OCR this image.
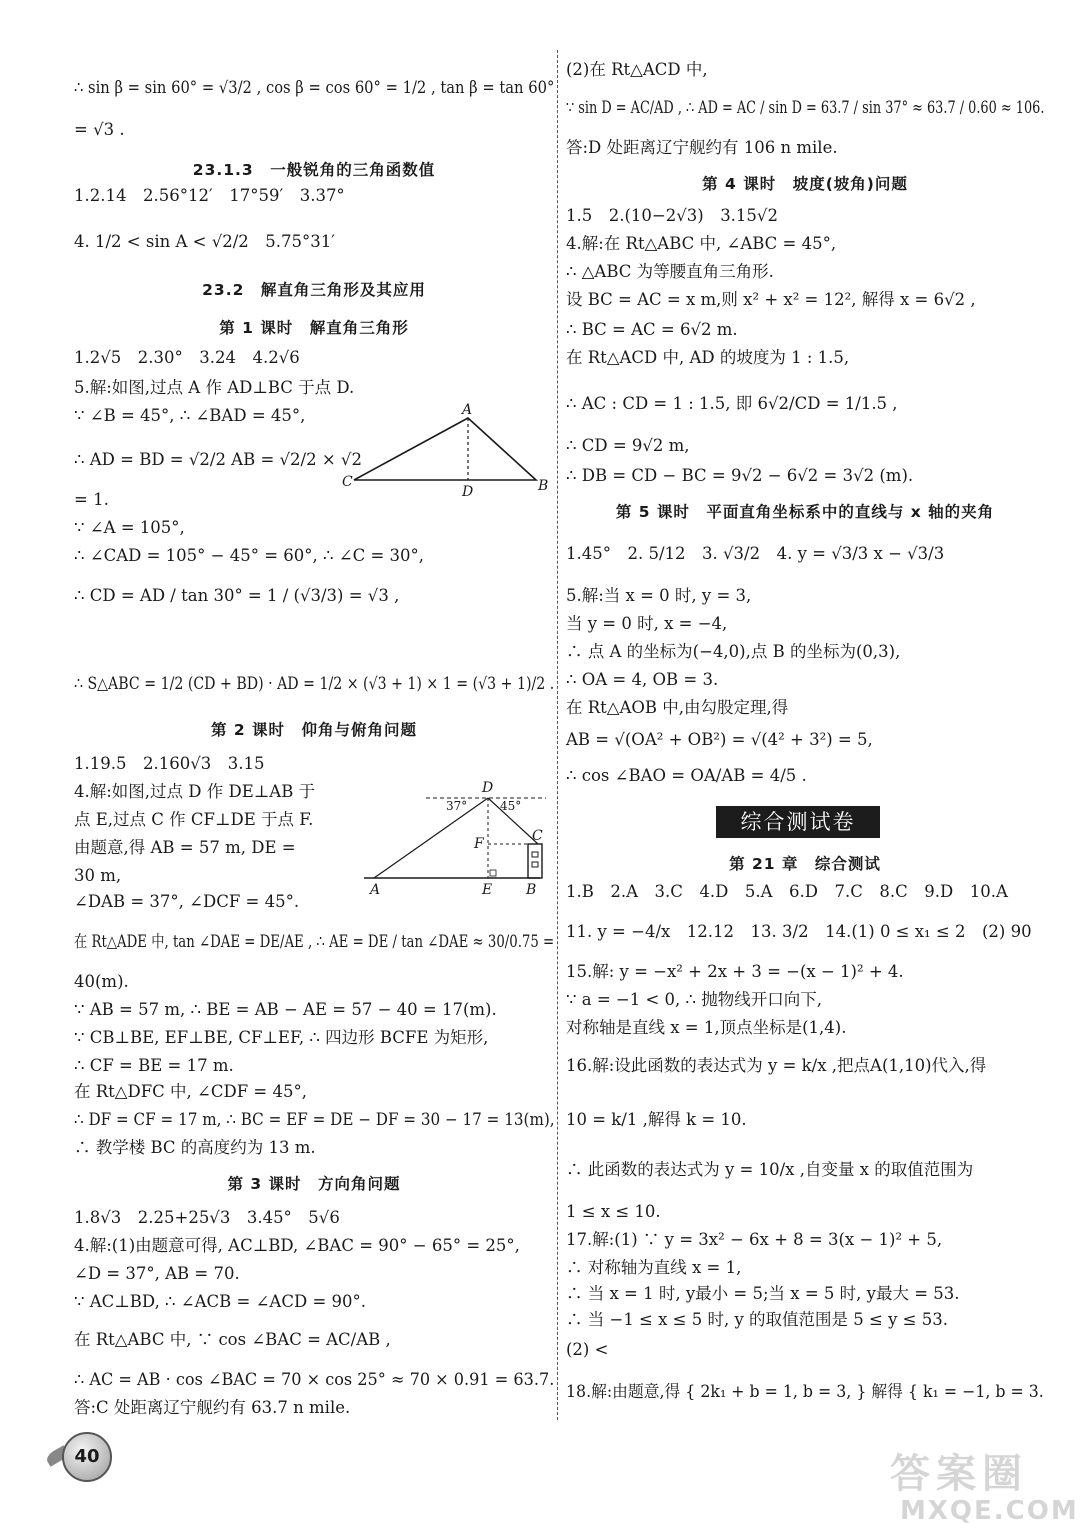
∴ sin β = sin 60° = √3/2 , cos β = cos 60° = 1/2 , tan β = tan 60°
= √3 .
23.1.3　一般锐角的三角函数值
1.2.14　2.56°12′　17°59′　3.37°
4. 1/2 < sin A < √2/2　5.75°31′
23.2　解直角三角形及其应用
第 1 课时　解直角三角形
1.2√5　2.30°　3.24　4.2√6
5.解:如图,过点 A 作 AD⊥BC 于点 D.
∵ ∠B = 45°, ∴ ∠BAD = 45°,
∴ AD = BD = √2/2 AB = √2/2 × √2
= 1.
∵ ∠A = 105°,
∴ ∠CAD = 105° − 45° = 60°, ∴ ∠C = 30°,
∴ CD = AD / tan 30° = 1 / (√3/3) = √3 ,
∴ S△ABC = 1/2 (CD + BD) · AD = 1/2 × (√3 + 1) × 1 = (√3 + 1)/2 .
第 2 课时　仰角与俯角问题
1.19.5　2.160√3　3.15
4.解:如图,过点 D 作 DE⊥AB 于
点 E,过点 C 作 CF⊥DE 于点 F.
由题意,得 AB = 57 m, DE =
30 m,
∠DAB = 37°, ∠DCF = 45°.
在 Rt△ADE 中, tan ∠DAE = DE/AE , ∴ AE = DE / tan ∠DAE ≈ 30/0.75 =
40(m).
∵ AB = 57 m, ∴ BE = AB − AE = 57 − 40 = 17(m).
∵ CB⊥BE, EF⊥BE, CF⊥EF, ∴ 四边形 BCFE 为矩形,
∴ CF = BE = 17 m.
在 Rt△DFC 中, ∠CDF = 45°,
∴ DF = CF = 17 m, ∴ BC = EF = DE − DF = 30 − 17 = 13(m),
∴ 教学楼 BC 的高度约为 13 m.
第 3 课时　方向角问题
1.8√3　2.25+25√3　3.45°　5√6
4.解:(1)由题意可得, AC⊥BD, ∠BAC = 90° − 65° = 25°,
∠D = 37°, AB = 70.
∵ AC⊥BD, ∴ ∠ACB = ∠ACD = 90°.
在 Rt△ABC 中, ∵ cos ∠BAC = AC/AB ,
∴ AC = AB · cos ∠BAC = 70 × cos 25° ≈ 70 × 0.91 = 63.7.
答:C 处距离辽宁舰约有 63.7 n mile.
(2)在 Rt△ACD 中,
∵ sin D = AC/AD , ∴ AD = AC / sin D = 63.7 / sin 37° ≈ 63.7 / 0.60 ≈ 106.
答:D 处距离辽宁舰约有 106 n mile.
第 4 课时　坡度(坡角)问题
1.5　2.(10−2√3)　3.15√2
4.解:在 Rt△ABC 中, ∠ABC = 45°,
∴ △ABC 为等腰直角三角形.
设 BC = AC = x m,则 x² + x² = 12², 解得 x = 6√2 ,
∴ BC = AC = 6√2 m.
在 Rt△ACD 中, AD 的坡度为 1 : 1.5,
∴ AC : CD = 1 : 1.5, 即 6√2/CD = 1/1.5 ,
∴ CD = 9√2 m,
∴ DB = CD − BC = 9√2 − 6√2 = 3√2 (m).
第 5 课时　平面直角坐标系中的直线与 x 轴的夹角
1.45°　2. 5/12　3. √3/2　4. y = √3/3 x − √3/3
5.解:当 x = 0 时, y = 3,
当 y = 0 时, x = −4,
∴ 点 A 的坐标为(−4,0),点 B 的坐标为(0,3),
∴ OA = 4, OB = 3.
在 Rt△AOB 中,由勾股定理,得
AB = √(OA² + OB²) = √(4² + 3²) = 5,
∴ cos ∠BAO = OA/AB = 4/5 .
第 21 章　综合测试
1.B　2.A　3.C　4.D　5.A　6.D　7.C　8.C　9.D　10.A
11. y = −4/x　12.12　13. 3/2　14.(1) 0 ≤ x₁ ≤ 2　(2) 90
15.解: y = −x² + 2x + 3 = −(x − 1)² + 4.
∵ a = −1 < 0, ∴ 抛物线开口向下,
对称轴是直线 x = 1,顶点坐标是(1,4).
16.解:设此函数的表达式为 y = k/x ,把点A(1,10)代入,得
10 = k/1 ,解得 k = 10.
∴ 此函数的表达式为 y = 10/x ,自变量 x 的取值范围为
1 ≤ x ≤ 10.
17.解:(1) ∵ y = 3x² − 6x + 8 = 3(x − 1)² + 5,
∴ 对称轴为直线 x = 1,
∴ 当 x = 1 时, y最小 = 5;当 x = 5 时, y最大 = 53.
∴ 当 −1 ≤ x ≤ 5 时, y 的取值范围是 5 ≤ y ≤ 53.
(2) <
18.解:由题意,得 { 2k₁ + b = 1, b = 3, } 解得 { k₁ = −1, b = 3.
综合测试卷
A
C
D	B
D
37°	45°
C
F
A	E B
40	答案圈
MXQE.COM
